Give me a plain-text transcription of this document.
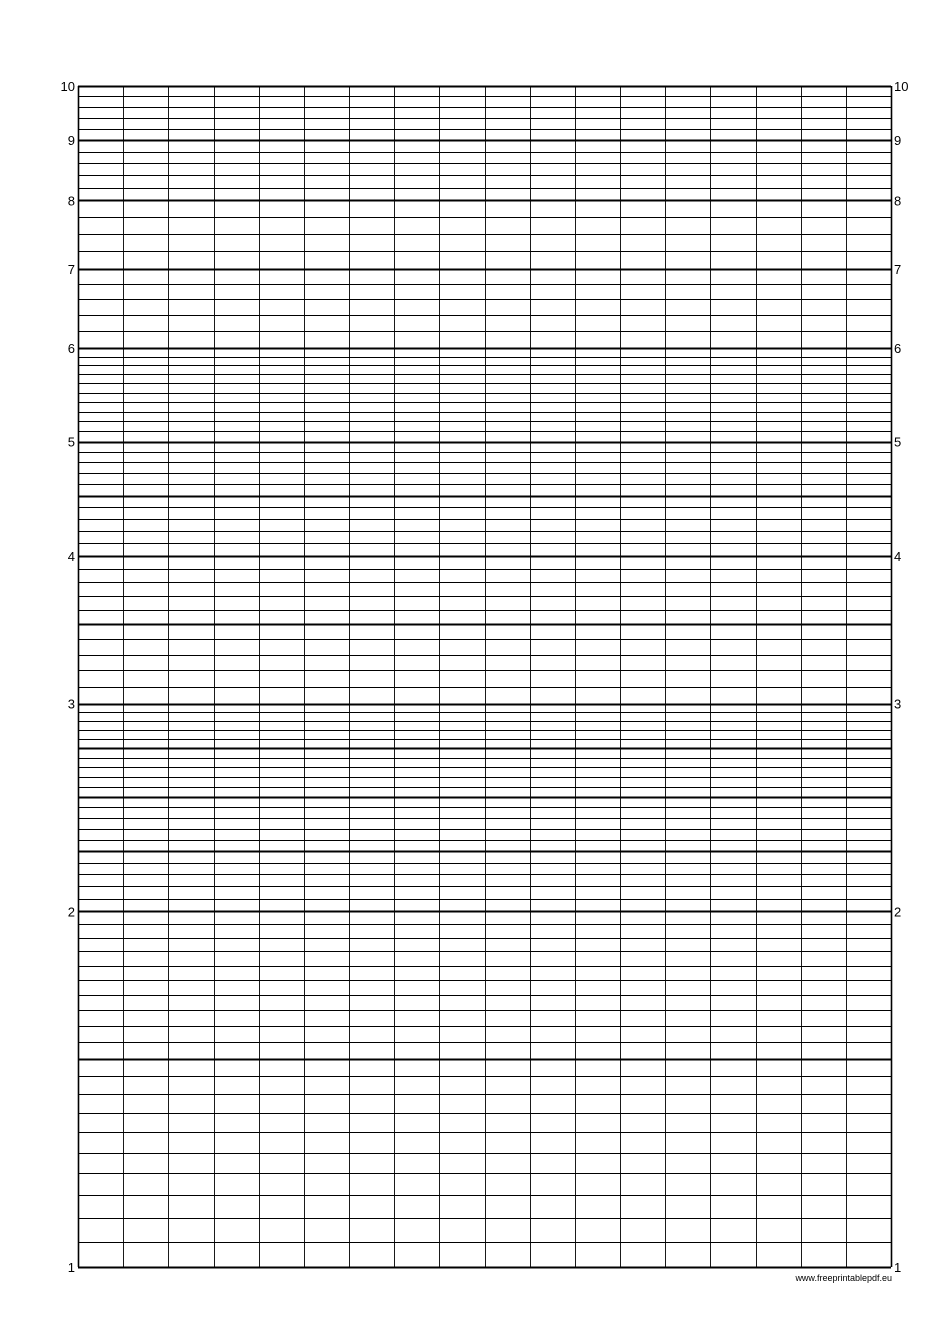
1
2
3
4
5
6
7
8
9
10
1
2
3
4
5
6
7
8
9
10
www.freeprintablepdf.eu
